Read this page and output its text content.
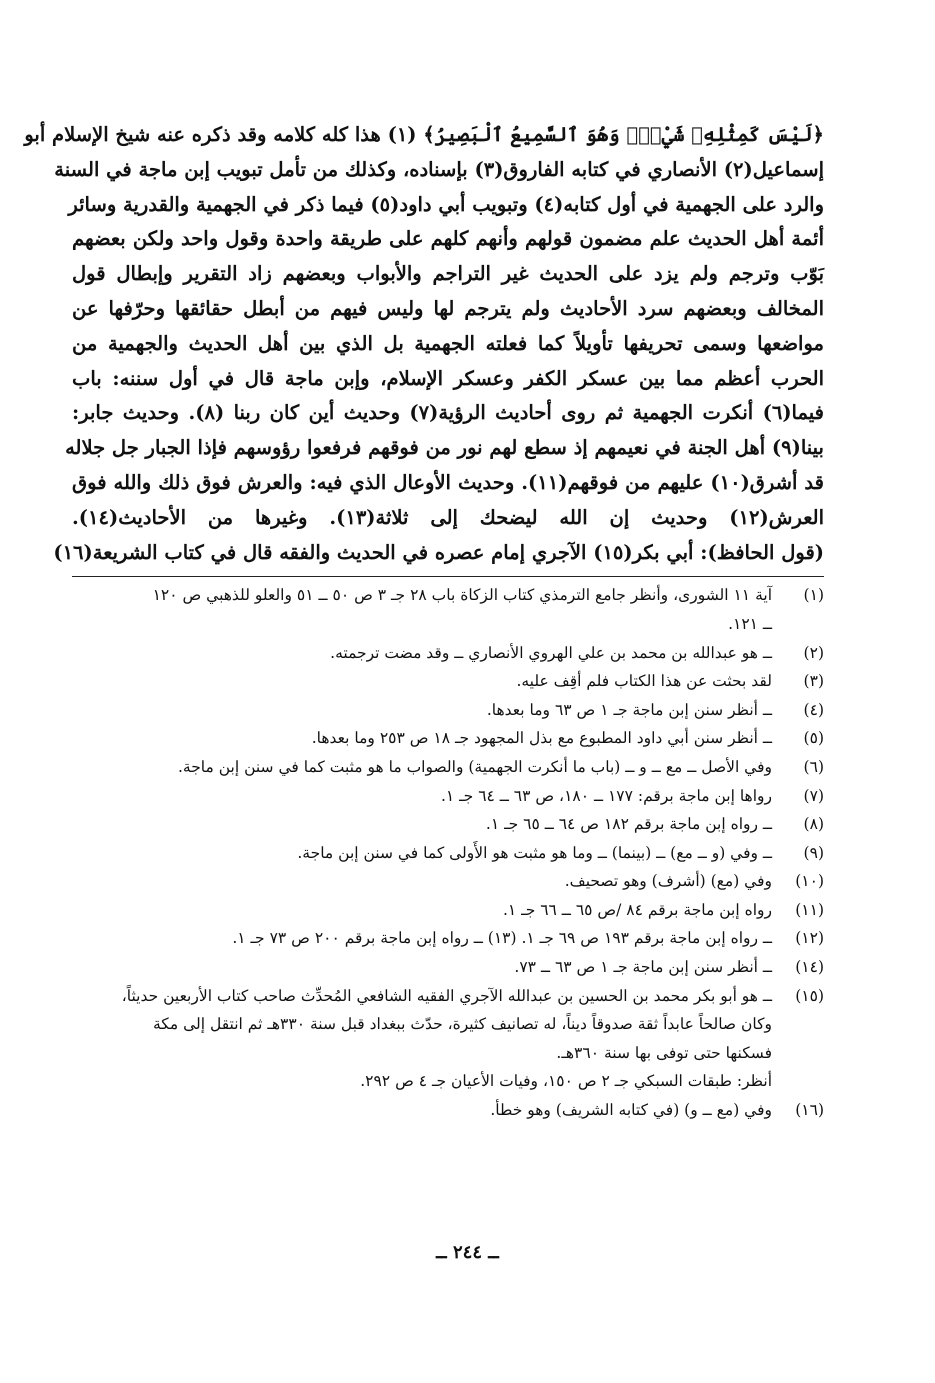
﴿لَيْسَ كَمِثْلِهِۦ شَيْءٌۖ وَهُوَ ٱلسَّمِيعُ ٱلْبَصِيرُ﴾ (١) هذا كله كلامه وقد ذكره عنه شيخ الإسلام أبو
إسماعيل(٢) الأنصاري في كتابه الفاروق(٣) بإسناده، وكذلك من تأمل تبويب إبن ماجة في السنة
والرد على الجهمية في أول كتابه(٤) وتبويب أبي داود(٥) فيما ذكر في الجهمية والقدرية وسائر
أئمة أهل الحديث علم مضمون قولهم وأنهم كلهم على طريقة واحدة وقول واحد ولكن بعضهم
بَوّب وترجم ولم يزد على الحديث غير التراجم والأبواب وبعضهم زاد التقرير وإبطال قول
المخالف وبعضهم سرد الأحاديث ولم يترجم لها وليس فيهم من أبطل حقائقها وحرّفها عن
مواضعها وسمى تحريفها تأويلاً كما فعلته الجهمية بل الذي بين أهل الحديث والجهمية من
الحرب أعظم مما بين عسكر الكفر وعسكر الإسلام، وإبن ماجة قال في أول سننه: باب
فيما(٦) أنكرت الجهمية ثم روى أحاديث الرؤية(٧) وحديث أين كان ربنا (٨). وحديث جابر:
بينا(٩) أهل الجنة في نعيمهم إذ سطع لهم نور من فوقهم فرفعوا رؤوسهم فإذا الجبار جل جلاله
قد أشرق(١٠) عليهم من فوقهم(١١). وحديث الأوعال الذي فيه: والعرش فوق ذلك والله فوق
العرش(١٢) وحديث إن الله ليضحك إلى ثلاثة(١٣). وغيرها من الأحاديث(١٤).
(قول الحافظ): أبي بكر(١٥) الآجري إمام عصره في الحديث والفقه قال في كتاب الشريعة(١٦)
(١)
آية ١١ الشورى، وأنظر جامع الترمذي كتاب الزكاة باب ٢٨ جـ ٣ ص ٥٠ ــ ٥١ والعلو للذهبي ص ١٢٠
ــ ١٢١.
(٢)
ــ هو عبدالله بن محمد بن علي الهروي الأنصاري ــ وقد مضت ترجمته.
(٣)
لقد بحثت عن هذا الكتاب فلم أقِف عليه.
(٤)
ــ أنظر سنن إبن ماجة جـ ١ ص ٦٣ وما بعدها.
(٥)
ــ أنظر سنن أبي داود المطبوع مع بذل المجهود جـ ١٨ ص ٢٥٣ وما بعدها.
(٦)
وفي الأصل ــ مع ــ و ــ (باب ما أنكرت الجهمية) والصواب ما هو مثبت كما في سنن إبن ماجة.
(٧)
رواها إبن ماجة برقم: ١٧٧ ــ ١٨٠، ص ٦٣ ــ ٦٤ جـ ١.
(٨)
ــ رواه إبن ماجة برقم ١٨٢ ص ٦٤ ــ ٦٥ جـ ١.
(٩)
ــ وفي (و ــ مع) ــ (بينما) ــ وما هو مثبت هو الأَولى كما في سنن إبن ماجة.
(١٠)
وفي (مع) (أشرف) وهو تصحيف.
(١١)
رواه إبن ماجة برقم ٨٤ /ص ٦٥ ــ ٦٦ جـ ١.
(١٢)
ــ رواه إبن ماجة برقم ١٩٣ ص ٦٩ جـ ١. (١٣) ــ رواه إبن ماجة برقم ٢٠٠ ص ٧٣ جـ ١.
(١٤)
ــ أنظر سنن إبن ماجة جـ ١ ص ٦٣ ــ ٧٣.
(١٥)
ــ هو أبو بكر محمد بن الحسين بن عبدالله الآجري الفقيه الشافعي المُحدِّث صاحب كتاب الأربعين حديثاً،
وكان صالحاً عابداً ثقة صدوقاً ديناً، له تصانيف كثيرة، حدّث ببغداد قبل سنة ٣٣٠هـ ثم انتقل إلى مكة
فسكنها حتى توفى بها سنة ٣٦٠هـ.
أنظر: طبقات السبكي جـ ٢ ص ١٥٠، وفيات الأعيان جـ ٤ ص ٢٩٢.
(١٦)
وفي (مع ــ و) (في كتابه الشريف) وهو خطأ.
ــ ٢٤٤ ــ
